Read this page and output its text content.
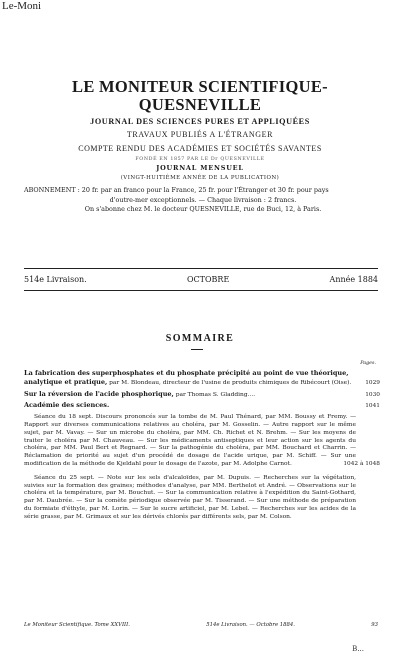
Le-Moni
LE MONITEUR SCIENTIFIQUE-QUESNEVILLE
JOURNAL DES SCIENCES PURES ET APPLIQUÉES
TRAVAUX PUBLIÉS A L'ÉTRANGER
COMPTE RENDU DES ACADÉMIES ET SOCIÉTÉS SAVANTES
FONDÉ EN 1857 PAR LE Dr QUESNEVILLE
JOURNAL MENSUEL
(VINGT-HUITIÈME ANNÉE DE LA PUBLICATION)
ABONNEMENT : 20 fr. par an franco pour la France, 25 fr. pour l'Étranger et 30 fr. pour pays
d'outre-mer exceptionnels. — Chaque livraison : 2 francs.
On s'abonne chez M. le docteur QUESNEVILLE, rue de Buci, 12, à Paris.
514e Livraison.	OCTOBRE	Année 1884
SOMMAIRE
Pages.
La fabrication des superphosphates et du phosphate précipité au point de vue théorique, analytique et pratique, par M. Blondeau, directeur de l'usine de produits chimiques de Ribécourt (Oise). 1029
Sur la réversion de l'acide phosphorique, par Thomas S. Gladding....	1030
Académie des sciences.	1041
Séance du 18 sept. Discours prononcés sur la tombe de M. Paul Thénard, par MM. Boussy et Fremy. — Rapport sur diverses communications relatives au choléra, par M. Gosselin. — Autre rapport sur le même sujet, par M. Vavay. — Sur un microbe du choléra, par MM. Ch. Richet et N. Brehm. — Sur les moyens de traiter le choléra par M. Chauveau. — Sur les médicaments antiseptiques et leur action sur les agents du choléra, par MM. Paul Bert et Regnard. — Sur la pathogénie du choléra, par MM. Bouchard et Charrin. — Réclamation de priorité au sujet d'un procédé de dosage de l'acide urique, par M. Schiff. — Sur une modification de la méthode de Kjeldahl pour le dosage de l'azote, par M. Adolphe Carnot.	1042 à 1048
Séance du 25 sept. — Note sur les sels d'alcaloïdes, par M. Dupuis. — Recherches sur la végétation, suivies sur la formation des graines; méthodes d'analyse, par MM. Berthelot et André. — Observations sur le choléra et la température, par M. Bouchut. — Sur la communication relative à l'expédition du Saint-Gothard, par M. Daubrée. — Sur la comète périodique observée par M. Tisserand. — Sur une méthode de préparation du formiate d'éthyle, par M. Lorin. — Sur le sucre artificiel, par M. Lebel. — Recherches sur les acides de la série grasse, par M. Grimaux et sur les dérivés chlorés par différents sels, par M. Colson.
Le Moniteur Scientifique. Tome XXVIII.	514e Livraison. — Octobre 1884.	93
B...
